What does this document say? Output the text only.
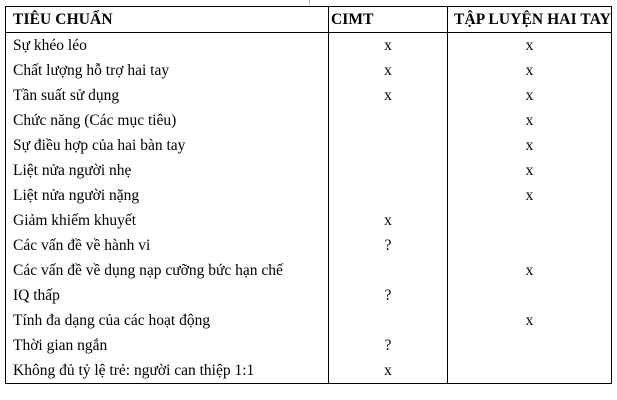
TIÊU CHUẨN	CIMT	TẬP LUYỆN HAI TAY
Sự khéo léo	x	x
Chất lượng hỗ trợ hai tay	x	x
Tần suất sử dụng	x	x
Chức năng (Các mục tiêu)		x
Sự điều hợp của hai bàn tay		x
Liệt nửa người nhẹ		x
Liệt nửa người nặng		x
Giảm khiếm khuyết	x	
Các vấn đề về hành vi	?	
Các vấn đề về dụng nạp cưỡng bức hạn chế		x
IQ thấp	?	
Tính đa dạng của các hoạt động		x
Thời gian ngắn	?	
Không đủ tỷ lệ trẻ: người can thiệp 1:1	x	
